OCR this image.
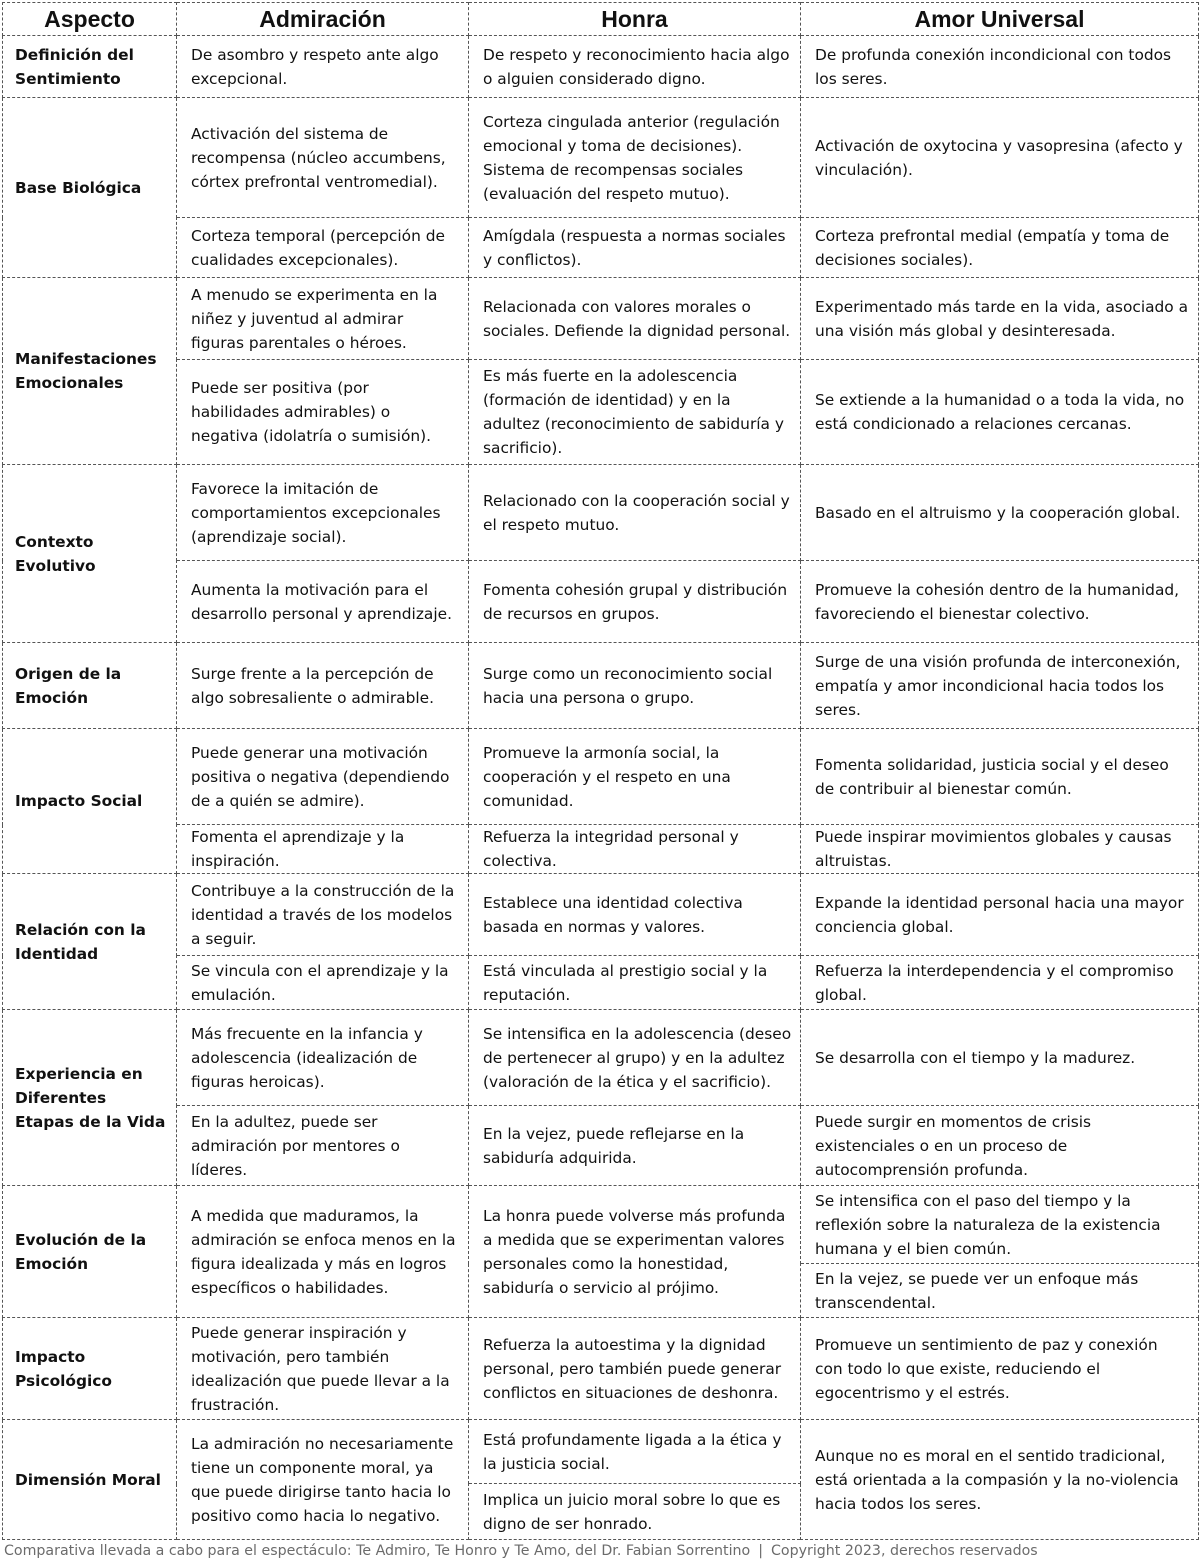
Aspecto	Admiración	Honra	Amor Universal
Definición del Sentimiento	De asombro y respeto ante algo excepcional.	De respeto y reconocimiento hacia algo o alguien considerado digno.	De profunda conexión incondicional con todos los seres.
Base Biológica	Activación del sistema de recompensa (núcleo accumbens, córtex prefrontal ventromedial).	Corteza cingulada anterior (regulación emocional y toma de decisiones). Sistema de recompensas sociales (evaluación del respeto mutuo).	Activación de oxytocina y vasopresina (afecto y vinculación).
	Corteza temporal (percepción de cualidades excepcionales).	Amígdala (respuesta a normas sociales y conflictos).	Corteza prefrontal medial (empatía y toma de decisiones sociales).
Manifestaciones Emocionales	A menudo se experimenta en la niñez y juventud al admirar figuras parentales o héroes.	Relacionada con valores morales o sociales. Defiende la dignidad personal.	Experimentado más tarde en la vida, asociado a una visión más global y desinteresada.
	Puede ser positiva (por habilidades admirables) o negativa (idolatría o sumisión).	Es más fuerte en la adolescencia (formación de identidad) y en la adultez (reconocimiento de sabiduría y sacrificio).	Se extiende a la humanidad o a toda la vida, no está condicionado a relaciones cercanas.
Contexto Evolutivo	Favorece la imitación de comportamientos excepcionales (aprendizaje social).	Relacionado con la cooperación social y el respeto mutuo.	Basado en el altruismo y la cooperación global.
	Aumenta la motivación para el desarrollo personal y aprendizaje.	Fomenta cohesión grupal y distribución de recursos en grupos.	Promueve la cohesión dentro de la humanidad, favoreciendo el bienestar colectivo.
Origen de la Emoción	Surge frente a la percepción de algo sobresaliente o admirable.	Surge como un reconocimiento social hacia una persona o grupo.	Surge de una visión profunda de interconexión, empatía y amor incondicional hacia todos los seres.
Impacto Social	Puede generar una motivación positiva o negativa (dependiendo de a quién se admire).	Promueve la armonía social, la cooperación y el respeto en una comunidad.	Fomenta solidaridad, justicia social y el deseo de contribuir al bienestar común.
	Fomenta el aprendizaje y la inspiración.	Refuerza la integridad personal y colectiva.	Puede inspirar movimientos globales y causas altruistas.
Relación con la Identidad	Contribuye a la construcción de la identidad a través de los modelos a seguir.	Establece una identidad colectiva basada en normas y valores.	Expande la identidad personal hacia una mayor conciencia global.
	Se vincula con el aprendizaje y la emulación.	Está vinculada al prestigio social y la reputación.	Refuerza la interdependencia y el compromiso global.
Experiencia en Diferentes Etapas de la Vida	Más frecuente en la infancia y adolescencia (idealización de figuras heroicas).	Se intensifica en la adolescencia (deseo de pertenecer al grupo) y en la adultez (valoración de la ética y el sacrificio).	Se desarrolla con el tiempo y la madurez.
	En la adultez, puede ser admiración por mentores o líderes.	En la vejez, puede reflejarse en la sabiduría adquirida.	Puede surgir en momentos de crisis existenciales o en un proceso de autocomprensión profunda.
Evolución de la Emoción	A medida que maduramos, la admiración se enfoca menos en la figura idealizada y más en logros específicos o habilidades.	La honra puede volverse más profunda a medida que se experimentan valores personales como la honestidad, sabiduría o servicio al prójimo.	Se intensifica con el paso del tiempo y la reflexión sobre la naturaleza de la existencia humana y el bien común.
			En la vejez, se puede ver un enfoque más transcendental.
Impacto Psicológico	Puede generar inspiración y motivación, pero también idealización que puede llevar a la frustración.	Refuerza la autoestima y la dignidad personal, pero también puede generar conflictos en situaciones de deshonra.	Promueve un sentimiento de paz y conexión con todo lo que existe, reduciendo el egocentrismo y el estrés.
Dimensión Moral	La admiración no necesariamente tiene un componente moral, ya que puede dirigirse tanto hacia lo positivo como hacia lo negativo.	Está profundamente ligada a la ética y la justicia social.	Aunque no es moral en el sentido tradicional, está orientada a la compasión y la no-violencia hacia todos los seres.
		Implica un juicio moral sobre lo que es digno de ser honrado.	
Comparativa llevada a cabo para el espectáculo: Te Admiro, Te Honro y Te Amo, del Dr. Fabian Sorrentino | Copyright 2023, derechos reservados
